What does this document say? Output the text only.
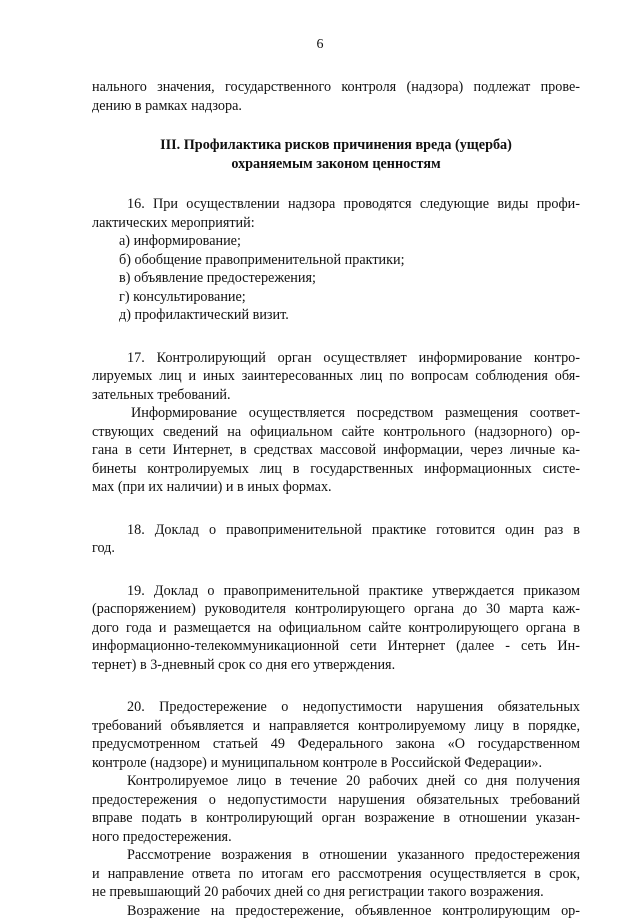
6
нального значения, государственного контроля (надзора) подлежат прове-
дению в рамках надзора.
III. Профилактика рисков причинения вреда (ущерба)
охраняемым законом ценностям
16. При осуществлении надзора проводятся следующие виды профи-
лактических мероприятий:
а) информирование;
б) обобщение правоприменительной практики;
в) объявление предостережения;
г) консультирование;
д) профилактический визит.
17. Контролирующий орган осуществляет информирование контро-
лируемых лиц и иных заинтересованных лиц по вопросам соблюдения обя-
зательных требований.
Информирование осуществляется посредством размещения соответ-
ствующих сведений на официальном сайте контрольного (надзорного) ор-
гана в сети Интернет, в средствах массовой информации, через личные ка-
бинеты контролируемых лиц в государственных информационных систе-
мах (при их наличии) и в иных формах.
18. Доклад о правоприменительной практике готовится один раз в
год.
19. Доклад о правоприменительной практике утверждается приказом
(распоряжением) руководителя контролирующего органа до 30 марта каж-
дого года и размещается на официальном сайте контролирующего органа в
информационно-телекоммуникационной сети Интернет (далее - сеть Ин-
тернет) в 3-дневный срок со дня его утверждения.
20. Предостережение о недопустимости нарушения обязательных
требований объявляется и направляется контролируемому лицу в порядке,
предусмотренном статьей 49 Федерального закона «О государственном
контроле (надзоре) и муниципальном контроле в Российской Федерации».
Контролируемое лицо в течение 20 рабочих дней со дня получения
предостережения о недопустимости нарушения обязательных требований
вправе подать в контролирующий орган возражение в отношении указан-
ного предостережения.
Рассмотрение возражения в отношении указанного предостережения
и направление ответа по итогам его рассмотрения осуществляется в срок,
не превышающий 20 рабочих дней со дня регистрации такого возражения.
Возражение на предостережение, объявленное контролирующим ор-
